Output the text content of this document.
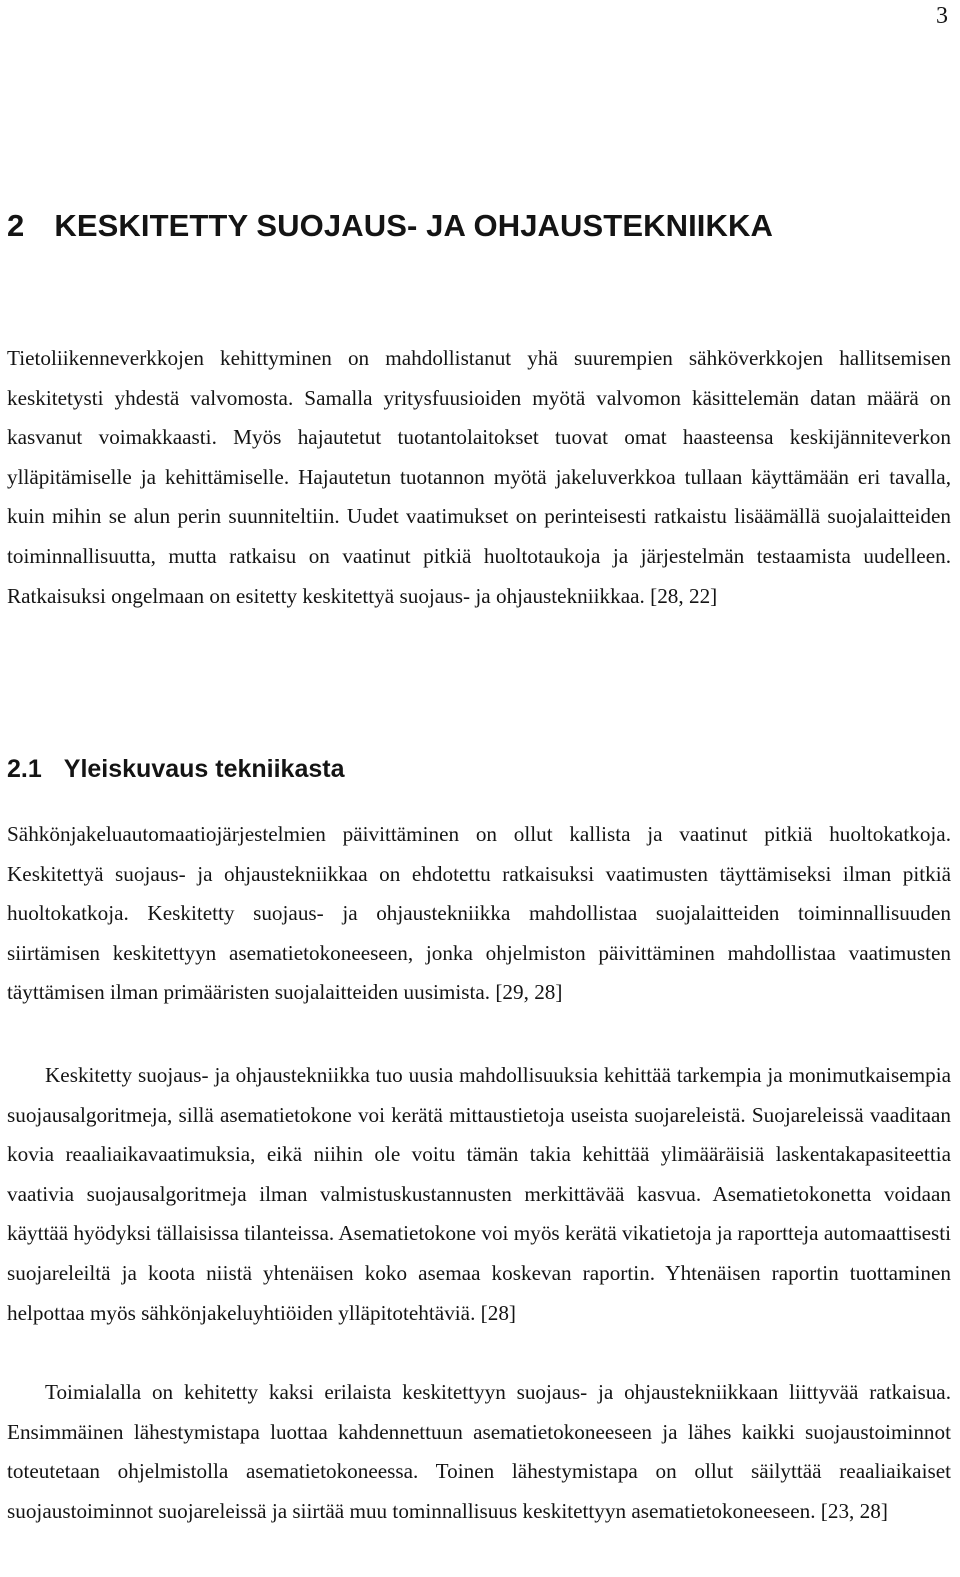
3
2 KESKITETTY SUOJAUS- JA OHJAUSTEKNIIKKA

Tietoliikenneverkkojen kehittyminen on mahdollistanut yhä suurempien sähköverkkojen hallitsemisen keskitetysti yhdestä valvomosta. Samalla yritysfuusioiden myötä valvomon käsittelemän datan määrä on kasvanut voimakkaasti. Myös hajautetut tuotantolaitokset tuovat omat haasteensa keskijänniteverkon ylläpitämiselle ja kehittämiselle. Hajautetun tuotannon myötä jakeluverkkoa tullaan käyttämään eri tavalla, kuin mihin se alun perin suunniteltiin. Uudet vaatimukset on perinteisesti ratkaistu lisäämällä suojalaitteiden toiminnallisuutta, mutta ratkaisu on vaatinut pitkiä huoltotaukoja ja järjestelmän testaamista uudelleen. Ratkaisuksi ongelmaan on esitetty keskitettyä suojaus- ja ohjaustekniikkaa. [28, 22]

2.1 Yleiskuvaus tekniikasta

Sähkönjakeluautomaatiojärjestelmien päivittäminen on ollut kallista ja vaatinut pitkiä huoltokatkoja. Keskitettyä suojaus- ja ohjaustekniikkaa on ehdotettu ratkaisuksi vaatimusten täyttämiseksi ilman pitkiä huoltokatkoja. Keskitetty suojaus- ja ohjaustekniikka mahdollistaa suojalaitteiden toiminnallisuuden siirtämisen keskitettyyn asematietokoneeseen, jonka ohjelmiston päivittäminen mahdollistaa vaatimusten täyttämisen ilman primääristen suojalaitteiden uusimista. [29, 28]

Keskitetty suojaus- ja ohjaustekniikka tuo uusia mahdollisuuksia kehittää tarkempia ja monimutkaisempia suojausalgoritmeja, sillä asematietokone voi kerätä mittaustietoja useista suojareleistä. Suojareleissä vaaditaan kovia reaaliaikavaatimuksia, eikä niihin ole voitu tämän takia kehittää ylimääräisiä laskentakapasiteettia vaativia suojausalgoritmeja ilman valmistuskustannusten merkittävää kasvua. Asematietokonetta voidaan käyttää hyödyksi tällaisissa tilanteissa. Asematietokone voi myös kerätä vikatietoja ja raportteja automaattisesti suojareleiltä ja koota niistä yhtenäisen koko asemaa koskevan raportin. Yhtenäisen raportin tuottaminen helpottaa myös sähkönjakeluyhtiöiden ylläpitotehtäviä. [28]

Toimialalla on kehitetty kaksi erilaista keskitettyyn suojaus- ja ohjaustekniikkaan liittyvää ratkaisua. Ensimmäinen lähestymistapa luottaa kahdennettuun asematietokoneeseen ja lähes kaikki suojaustoiminnot toteutetaan ohjelmistolla asematietokoneessa. Toinen lähestymistapa on ollut säilyttää reaaliaikaiset suojaustoiminnot suojareleissä ja siirtää muu tominnallisuus keskitettyyn asematietokoneeseen. [23, 28]
